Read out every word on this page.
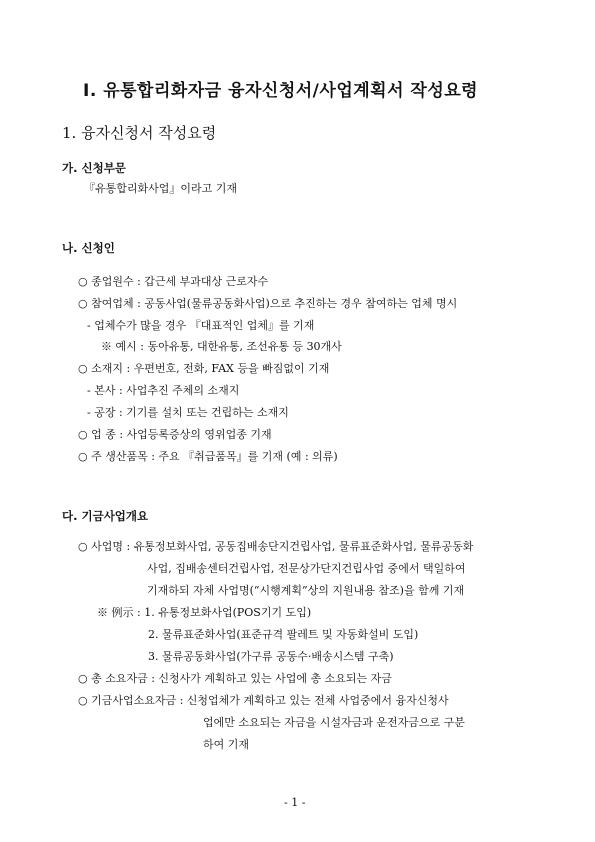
Ⅰ. 유통합리화자금 융자신청서/사업계획서 작성요령
1. 융자신청서 작성요령
가. 신청부문
『유통합리화사업』이라고 기재
나. 신청인
○ 종업원수 : 갑근세 부과대상 근로자수
○ 참여업체 : 공동사업(물류공동화사업)으로 추진하는 경우 참여하는 업체 명시
- 업체수가 많을 경우 『대표적인 업체』를 기재
※ 예시 : 동아유통, 대한유통, 조선유통 등 30개사
○ 소재지 : 우편번호, 전화, FAX 등을 빠짐없이 기재
- 본사 : 사업추진 주체의 소재지
- 공장 : 기기를 설치 또는 건립하는 소재지
○ 업 종 : 사업등록증상의 영위업종 기재
○ 주 생산품목 : 주요 『취급품목』를 기재 (예 : 의류)
다. 기금사업개요
○ 사업명 : 유통정보화사업, 공동집배송단지건립사업, 물류표준화사업, 물류공동화
사업, 집배송센터건립사업, 전문상가단지건립사업 중에서 택일하여
기재하되 자체 사업명(“시행계획”상의 지원내용 참조)을 함께 기재
※ 例示 : 1. 유통정보화사업(POS기기 도입)
2. 물류표준화사업(표준규격 팔레트 및 자동화설비 도입)
3. 물류공동화사업(가구류 공동수·배송시스템 구축)
○ 총 소요자금 : 신청사가 계획하고 있는 사업에 총 소요되는 자금
○ 기금사업소요자금 : 신청업체가 계획하고 있는 전체 사업중에서 융자신청사
업에만 소요되는 자금을 시설자금과 운전자금으로 구분
하여 기재
- 1 -
